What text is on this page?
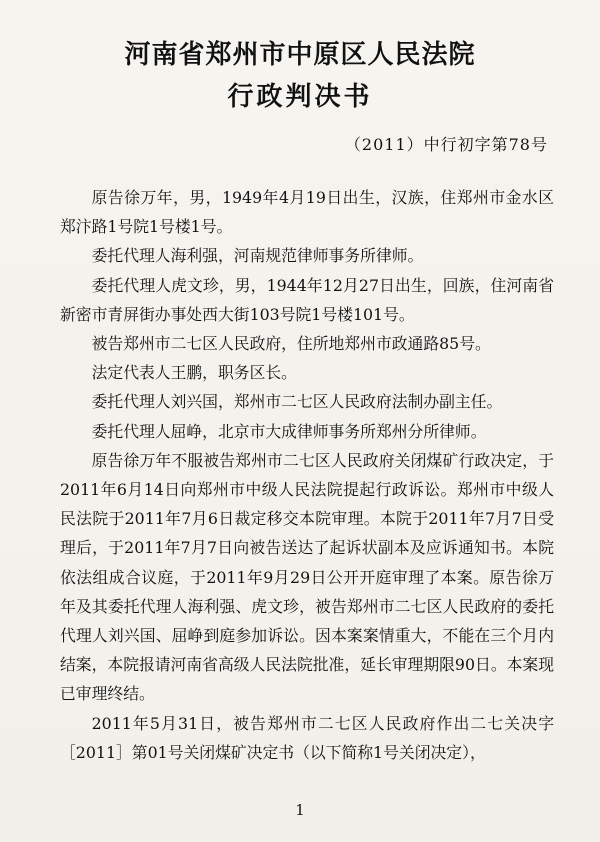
河南省郑州市中原区人民法院
行政判决书
（2011）中行初字第78号

原告徐万年，男，1949年4月19日出生，汉族，住郑州市金水区郑汴路1号院1号楼1号。

委托代理人海利强，河南规范律师事务所律师。

委托代理人虎文珍，男，1944年12月27日出生，回族，住河南省新密市青屏街办事处西大街103号院1号楼101号。

被告郑州市二七区人民政府，住所地郑州市政通路85号。

法定代表人王鹏，职务区长。

委托代理人刘兴国，郑州市二七区人民政府法制办副主任。

委托代理人屈峥，北京市大成律师事务所郑州分所律师。

原告徐万年不服被告郑州市二七区人民政府关闭煤矿行政决定，于2011年6月14日向郑州市中级人民法院提起行政诉讼。郑州市中级人民法院于2011年7月6日裁定移交本院审理。本院于2011年7月7日受理后，于2011年7月7日向被告送达了起诉状副本及应诉通知书。本院依法组成合议庭，于2011年9月29日公开开庭审理了本案。原告徐万年及其委托代理人海利强、虎文珍，被告郑州市二七区人民政府的委托代理人刘兴国、屈峥到庭参加诉讼。因本案案情重大，不能在三个月内结案，本院报请河南省高级人民法院批准，延长审理期限90日。本案现已审理终结。

2011年5月31日，被告郑州市二七区人民政府作出二七关决字［2011］第01号关闭煤矿决定书（以下简称1号关闭决定），

1
